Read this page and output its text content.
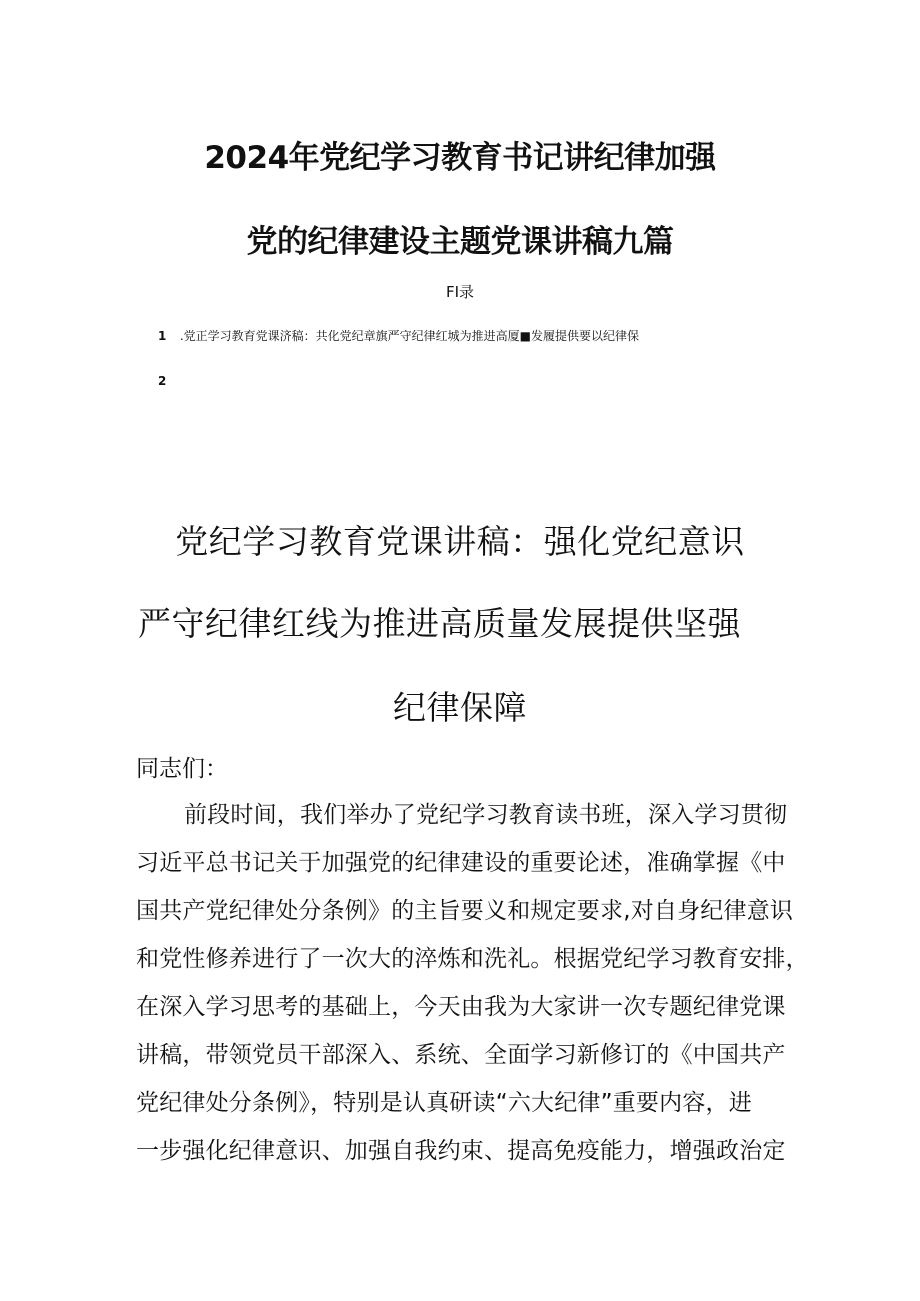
2024年党纪学习教育书记讲纪律加强
党的纪律建设主题党课讲稿九篇
FI录
1 .党正学习教育党课济稿：共化党纪章旗严守纪律红城为推进高厦■发履提供要以纪律保
2
党纪学习教育党课讲稿：强化党纪意识
严守纪律红线为推进高质量发展提供坚强
纪律保障
同志们：
前段时间，我们举办了党纪学习教育读书班，深入学习贯彻
习近平总书记关于加强党的纪律建设的重要论述，准确掌握《中
国共产党纪律处分条例》的主旨要义和规定要求,对自身纪律意识
和党性修养进行了一次大的淬炼和洗礼。根据党纪学习教育安排，
在深入学习思考的基础上，今天由我为大家讲一次专题纪律党课
讲稿，带领党员干部深入、系统、全面学习新修订的《中国共产
党纪律处分条例》，特别是认真研读“六大纪律”重要内容，进
一步强化纪律意识、加强自我约束、提高免疫能力，增强政治定
